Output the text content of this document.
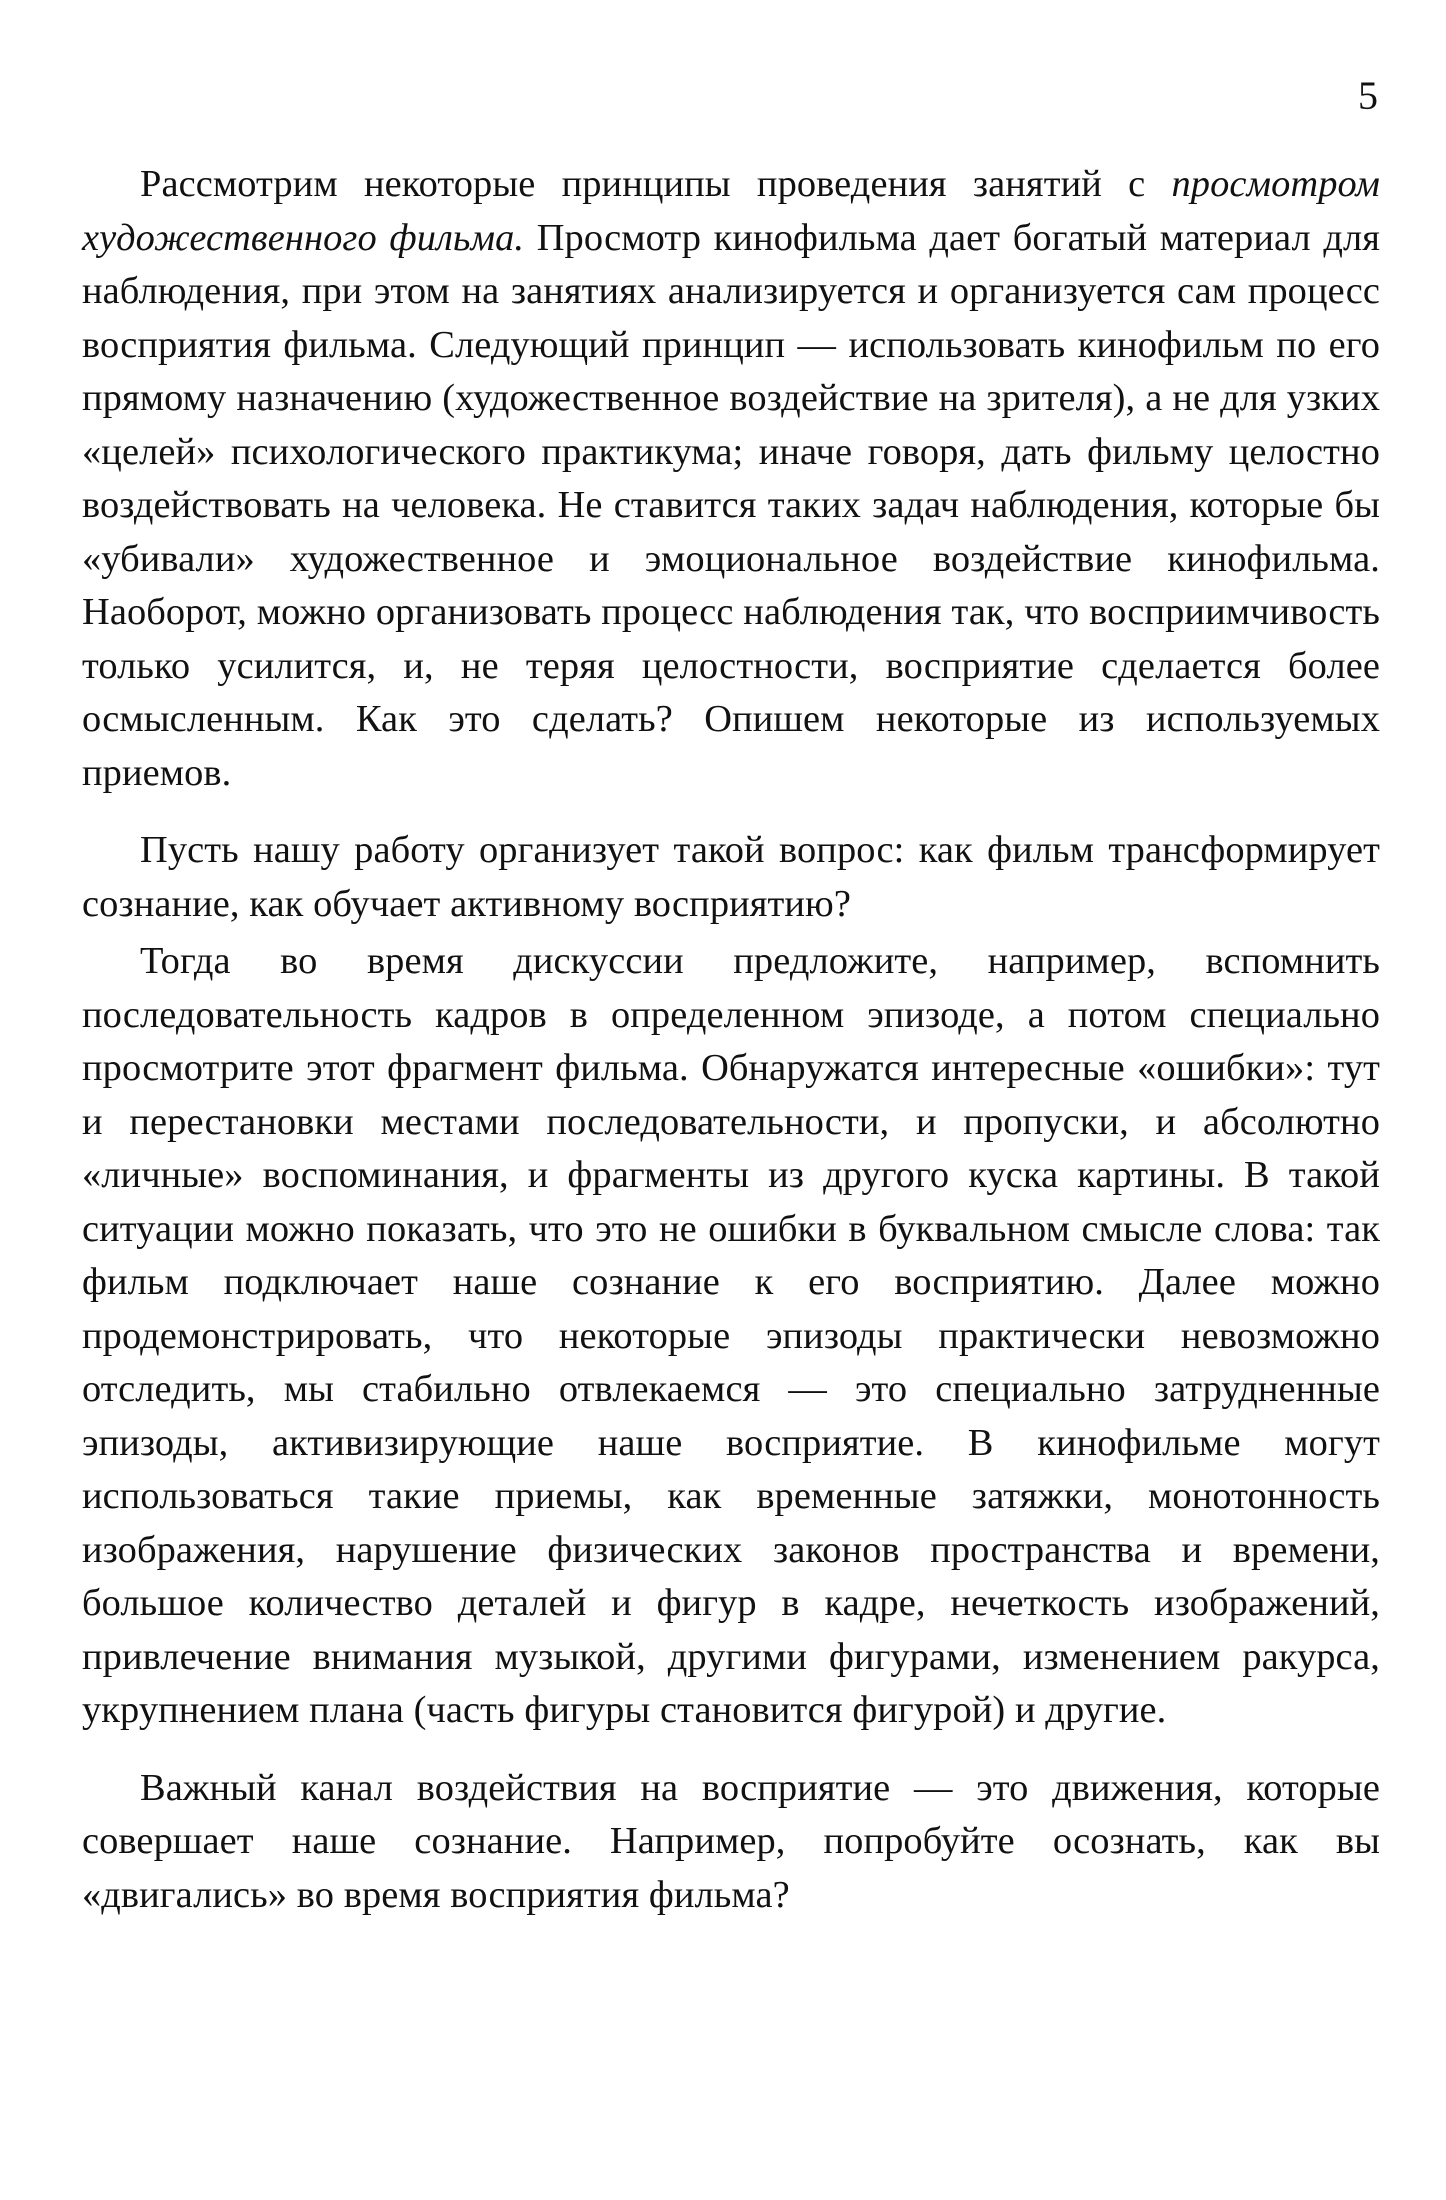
5

Рассмотрим некоторые принципы проведения занятий с просмотром художественного фильма. Просмотр кинофильма дает богатый материал для наблюдения, при этом на занятиях анализируется и организуется сам процесс восприятия фильма. Следующий принцип — использовать кинофильм по его прямому назначению (художественное воздействие на зрителя), а не для узких «целей» психологического практикума; иначе говоря, дать фильму целостно воздействовать на человека. Не ставится таких задач наблюдения, которые бы «убивали» художественное и эмоциональное воздействие кинофильма. Наоборот, можно организовать процесс наблюдения так, что восприимчивость только усилится, и, не теряя целостности, восприятие сделается более осмысленным. Как это сделать? Опишем некоторые из используемых приемов.

Пусть нашу работу организует такой вопрос: как фильм трансформирует сознание, как обучает активному восприятию?

Тогда во время дискуссии предложите, например, вспомнить последовательность кадров в определенном эпизоде, а потом специально просмотрите этот фрагмент фильма. Обнаружатся интересные «ошибки»: тут и перестановки местами последовательности, и пропуски, и абсолютно «личные» воспоминания, и фрагменты из другого куска картины. В такой ситуации можно показать, что это не ошибки в буквальном смысле слова: так фильм подключает наше сознание к его восприятию. Далее можно продемонстрировать, что некоторые эпизоды практически невозможно отследить, мы стабильно отвлекаемся — это специально затрудненные эпизоды, активизирующие наше восприятие. В кинофильме могут использоваться такие приемы, как временные затяжки, монотонность изображения, нарушение физических законов пространства и времени, большое количество деталей и фигур в кадре, нечеткость изображений, привлечение внимания музыкой, другими фигурами, изменением ракурса, укрупнением плана (часть фигуры становится фигурой) и другие.

Важный канал воздействия на восприятие — это движения, которые совершает наше сознание. Например, попробуйте осознать, как вы «двигались» во время восприятия фильма?
